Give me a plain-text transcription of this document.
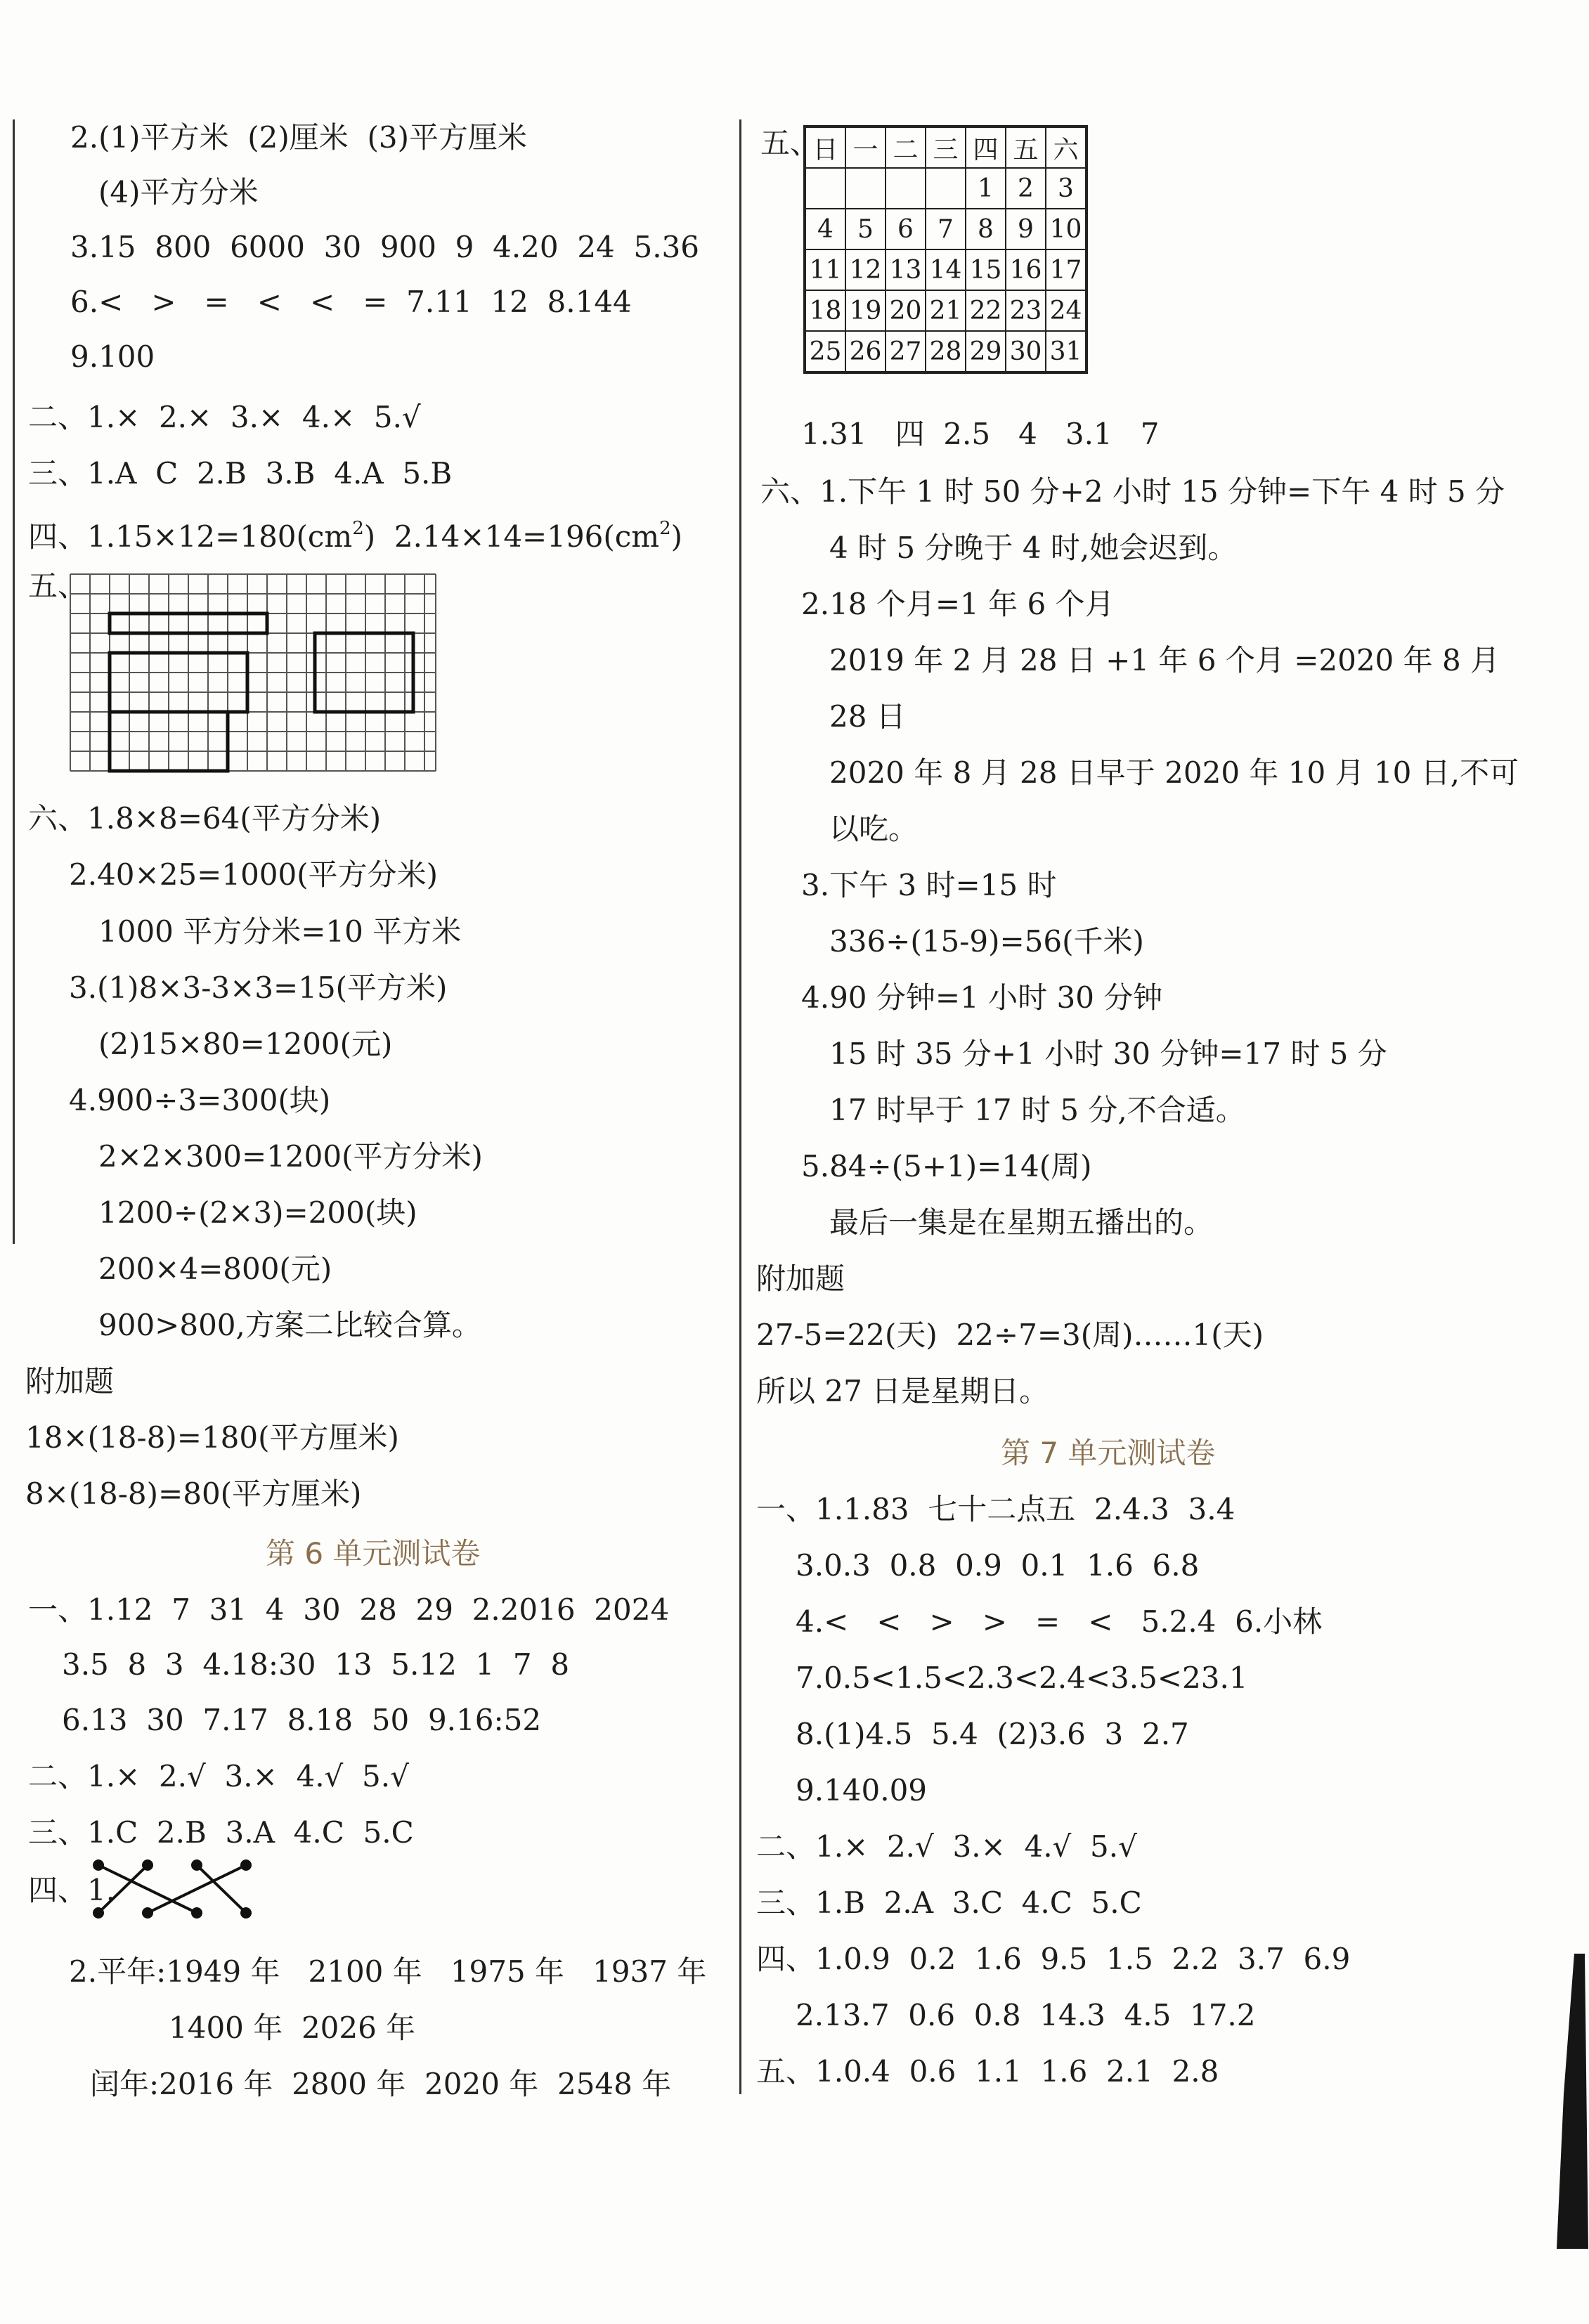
2.(1)平方米  (2)厘米  (3)平方厘米
(4)平方分米
3.15  800  6000  30  900  9  4.20  24  5.36
6.<   >   =   <   <   =  7.11  12  8.144
9.100
二、1.×  2.×  3.×  4.×  5.√
三、1.A  C  2.B  3.B  4.A  5.B
四、$1.15\times 12=180(cm^2)$  $2.14\times 14=196(cm^2)$
五、
六、1.8×8=64(平方分米)
2.40×25=1000(平方分米)
1000 平方分米=10 平方米
3.(1)8×3-3×3=15(平方米)
(2)15×80=1200(元)
4.900÷3=300(块)
2×2×300=1200(平方分米)
1200÷(2×3)=200(块)
200×4=800(元)
900>800,方案二比较合算。
附加题
18×(18-8)=180(平方厘米)
8×(18-8)=80(平方厘米)
第 6 单元测试卷
一、1.12  7  31  4  30  28  29  2.2016  2024
3.5  8  3  4.18:30  13  5.12  1  7  8
6.13  30  7.17  8.18  50  9.16:52
二、1.×  2.√  3.×  4.√  5.√
三、1.C  2.B  3.A  4.C  5.C
四、1.
2.平年:1949 年   2100 年   1975 年   1937 年
1400 年  2026 年
闰年:2016 年  2800 年  2020 年  2548 年
五、
日	一	二	三	四	五	六
				1	2	3
4	5	6	7	8	9	10
11	12	13	14	15	16	17
18	19	20	21	22	23	24
25	26	27	28	29	30	31
1.31   四  2.5   4   3.1   7
六、1.下午 1 时 50 分+2 小时 15 分钟=下午 4 时 5 分
4 时 5 分晚于 4 时,她会迟到。
2.18 个月=1 年 6 个月
2019 年 2 月 28 日 +1 年 6 个月 =2020 年 8 月
28 日
2020 年 8 月 28 日早于 2020 年 10 月 10 日,不可
以吃。
3.下午 3 时=15 时
336÷(15-9)=56(千米)
4.90 分钟=1 小时 30 分钟
15 时 35 分+1 小时 30 分钟=17 时 5 分
17 时早于 17 时 5 分,不合适。
5.84÷(5+1)=14(周)
最后一集是在星期五播出的。
附加题
27-5=22(天)  22÷7=3(周)……1(天)
所以 27 日是星期日。
第 7 单元测试卷
一、1.1.83  七十二点五  2.4.3  3.4
3.0.3  0.8  0.9  0.1  1.6  6.8
4.<   <   >   >   =   <   5.2.4  6.小林
7.0.5<1.5<2.3<2.4<3.5<23.1
8.(1)4.5  5.4  (2)3.6  3  2.7
9.140.09
二、1.×  2.√  3.×  4.√  5.√
三、1.B  2.A  3.C  4.C  5.C
四、1.0.9  0.2  1.6  9.5  1.5  2.2  3.7  6.9
2.13.7  0.6  0.8  14.3  4.5  17.2
五、1.0.4  0.6  1.1  1.6  2.1  2.8
